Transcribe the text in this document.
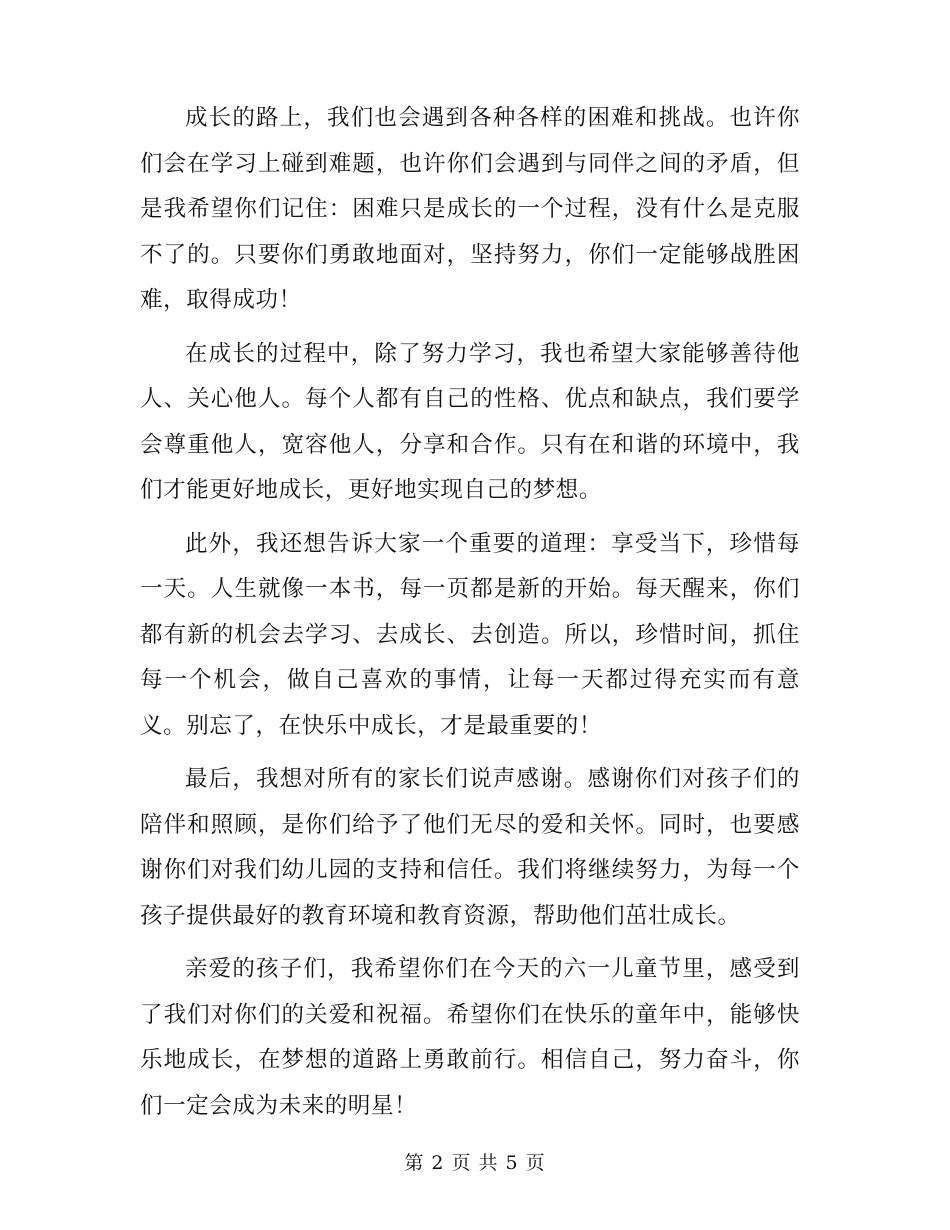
成长的路上，我们也会遇到各种各样的困难和挑战。也许你们会在学习上碰到难题，也许你们会遇到与同伴之间的矛盾，但是我希望你们记住：困难只是成长的一个过程，没有什么是克服不了的。只要你们勇敢地面对，坚持努力，你们一定能够战胜困难，取得成功！

在成长的过程中，除了努力学习，我也希望大家能够善待他人、关心他人。每个人都有自己的性格、优点和缺点，我们要学会尊重他人，宽容他人，分享和合作。只有在和谐的环境中，我们才能更好地成长，更好地实现自己的梦想。

此外，我还想告诉大家一个重要的道理：享受当下，珍惜每一天。人生就像一本书，每一页都是新的开始。每天醒来，你们都有新的机会去学习、去成长、去创造。所以，珍惜时间，抓住每一个机会，做自己喜欢的事情，让每一天都过得充实而有意义。别忘了，在快乐中成长，才是最重要的！

最后，我想对所有的家长们说声感谢。感谢你们对孩子们的陪伴和照顾，是你们给予了他们无尽的爱和关怀。同时，也要感谢你们对我们幼儿园的支持和信任。我们将继续努力，为每一个孩子提供最好的教育环境和教育资源，帮助他们茁壮成长。

亲爱的孩子们，我希望你们在今天的六一儿童节里，感受到了我们对你们的关爱和祝福。希望你们在快乐的童年中，能够快乐地成长，在梦想的道路上勇敢前行。相信自己，努力奋斗，你们一定会成为未来的明星！

第 2 页 共 5 页
